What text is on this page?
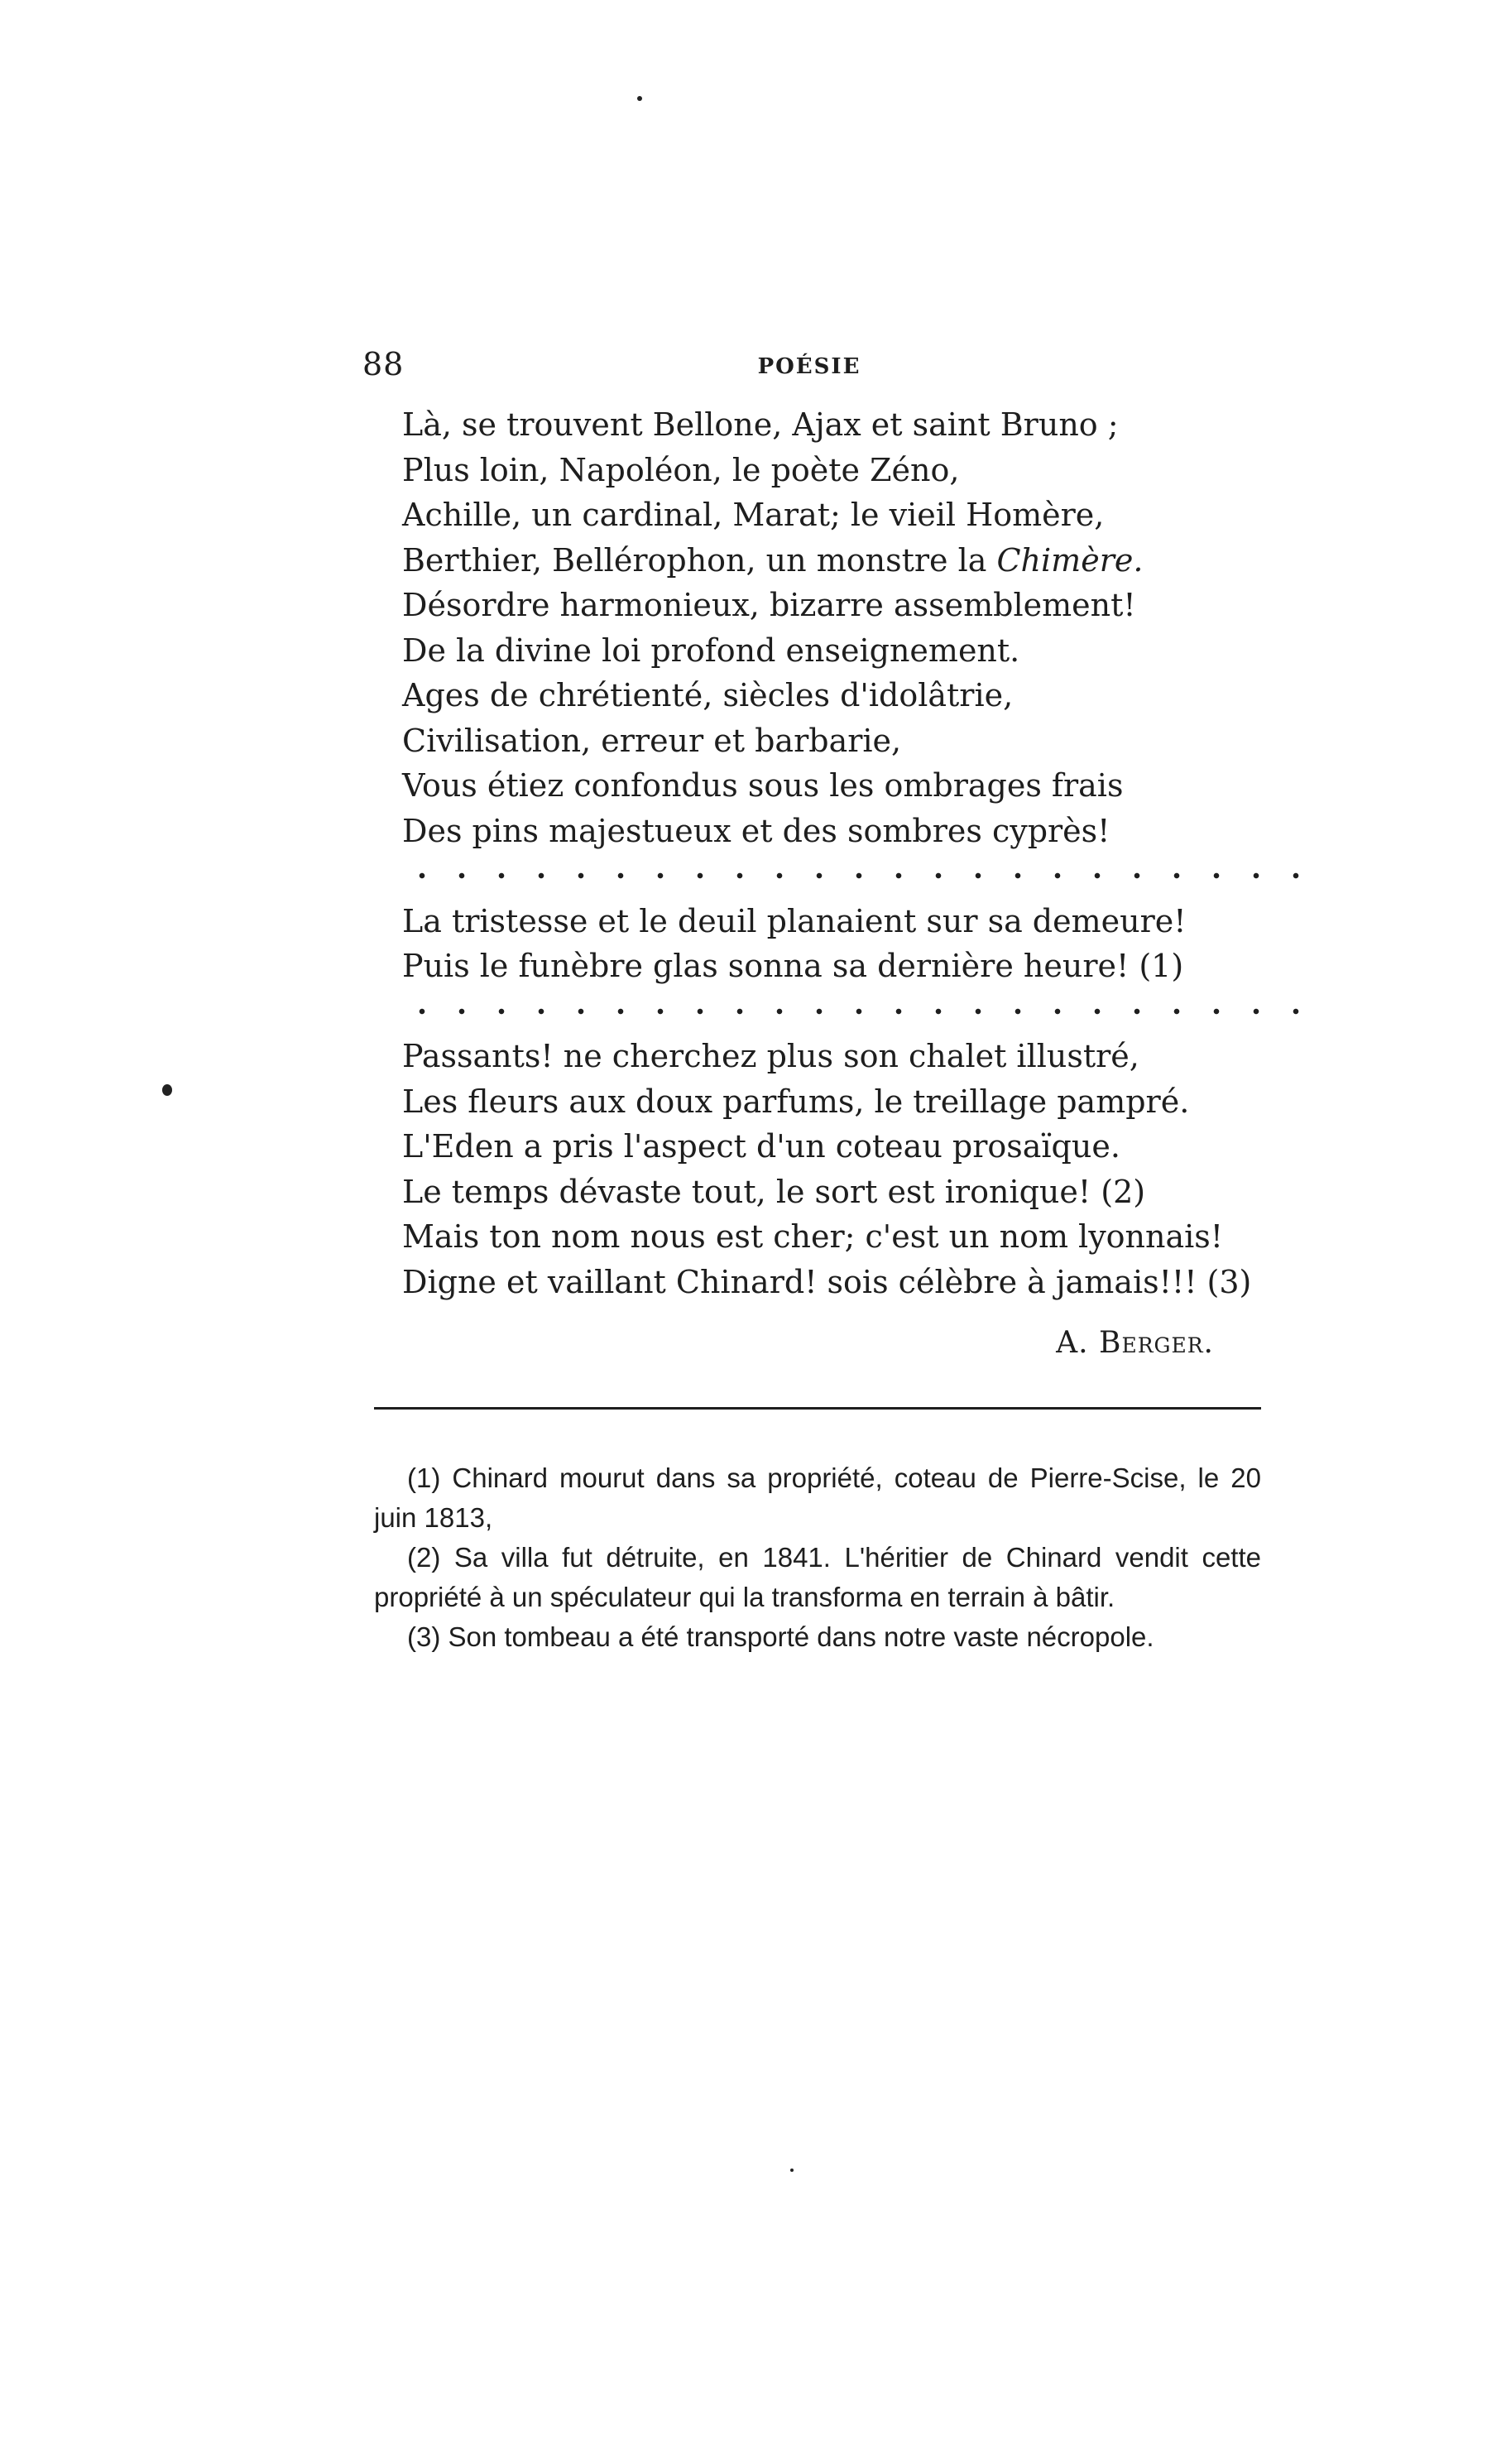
88	POÉSIE
Là, se trouvent Bellone, Ajax et saint Bruno ;
Plus loin, Napoléon, le poète Zéno,
Achille, un cardinal, Marat; le vieil Homère,
Berthier, Bellérophon, un monstre la Chimère.
Désordre harmonieux, bizarre assemblement!
De la divine loi profond enseignement.
Ages de chrétienté, siècles d'idolâtrie,
Civilisation, erreur et barbarie,
Vous étiez confondus sous les ombrages frais
Des pins majestueux et des sombres cyprès!
La tristesse et le deuil planaient sur sa demeure!
Puis le funèbre glas sonna sa dernière heure! (1)
Passants! ne cherchez plus son chalet illustré,
Les fleurs aux doux parfums, le treillage pampré.
L'Eden a pris l'aspect d'un coteau prosaïque.
Le temps dévaste tout, le sort est ironique! (2)
Mais ton nom nous est cher; c'est un nom lyonnais!
Digne et vaillant Chinard! sois célèbre à jamais!!! (3)
A. Berger.
(1) Chinard mourut dans sa propriété, coteau de Pierre-Scise, le 20 juin 1813,
(2) Sa villa fut détruite, en 1841. L'héritier de Chinard vendit cette propriété à un spéculateur qui la transforma en terrain à bâtir.
(3) Son tombeau a été transporté dans notre vaste nécropole.
